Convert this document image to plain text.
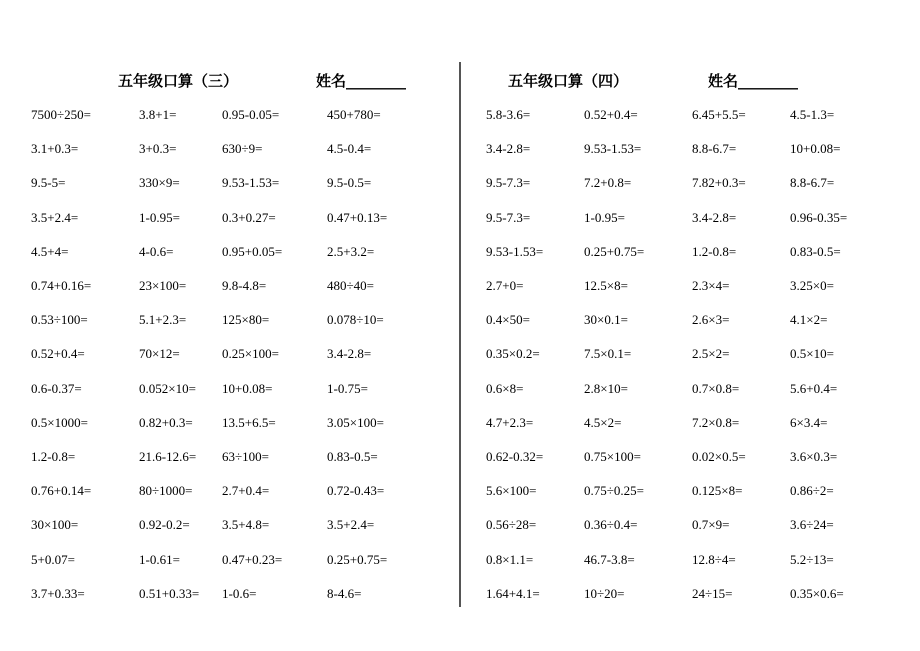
五年级口算（三）	姓名________
7500÷250=	3.8+1=	0.95-0.05=	450+780=
3.1+0.3=	3+0.3=	630÷9=	4.5-0.4=
9.5-5=	330×9=	9.53-1.53=	9.5-0.5=
3.5+2.4=	1-0.95=	0.3+0.27=	0.47+0.13=
4.5+4=	4-0.6=	0.95+0.05=	2.5+3.2=
0.74+0.16=	23×100=	9.8-4.8=	480÷40=
0.53÷100=	5.1+2.3=	125×80=	0.078÷10=
0.52+0.4=	70×12=	0.25×100=	3.4-2.8=
0.6-0.37=	0.052×10= 10+0.08=	1-0.75=
0.5×1000=	0.82+0.3= 13.5+6.5=	3.05×100=
1.2-0.8=	21.6-12.6= 63÷100=	0.83-0.5=
0.76+0.14=	80÷1000= 2.7+0.4=	0.72-0.43=
30×100=	0.92-0.2= 3.5+4.8=	3.5+2.4=
5+0.07=	1-0.61=	0.47+0.23=	0.25+0.75=
3.7+0.33=	0.51+0.33= 1-0.6=	8-4.6=
五年级口算（四）	姓名________
5.8-3.6=	0.52+0.4=	6.45+5.5=	4.5-1.3=
3.4-2.8=	9.53-1.53=	8.8-6.7=	10+0.08=
9.5-7.3=	7.2+0.8=	7.82+0.3=	8.8-6.7=
9.5-7.3=	1-0.95=	3.4-2.8=	0.96-0.35=
9.53-1.53=	0.25+0.75=	1.2-0.8=	0.83-0.5=
2.7+0=	12.5×8=	2.3×4=	3.25×0=
0.4×50=	30×0.1=	2.6×3=	4.1×2=
0.35×0.2=	7.5×0.1=	2.5×2=	0.5×10=
0.6×8=	2.8×10=	0.7×0.8=	5.6+0.4=
4.7+2.3=	4.5×2=	7.2×0.8=	6×3.4=
0.62-0.32=	0.75×100=	0.02×0.5=	3.6×0.3=
5.6×100=	0.75÷0.25=	0.125×8=	0.86÷2=
0.56÷28=	0.36÷0.4=	0.7×9=	3.6÷24=
0.8×1.1=	46.7-3.8=	12.8÷4=	5.2÷13=
1.64+4.1=	10÷20=	24÷15=	0.35×0.6=
